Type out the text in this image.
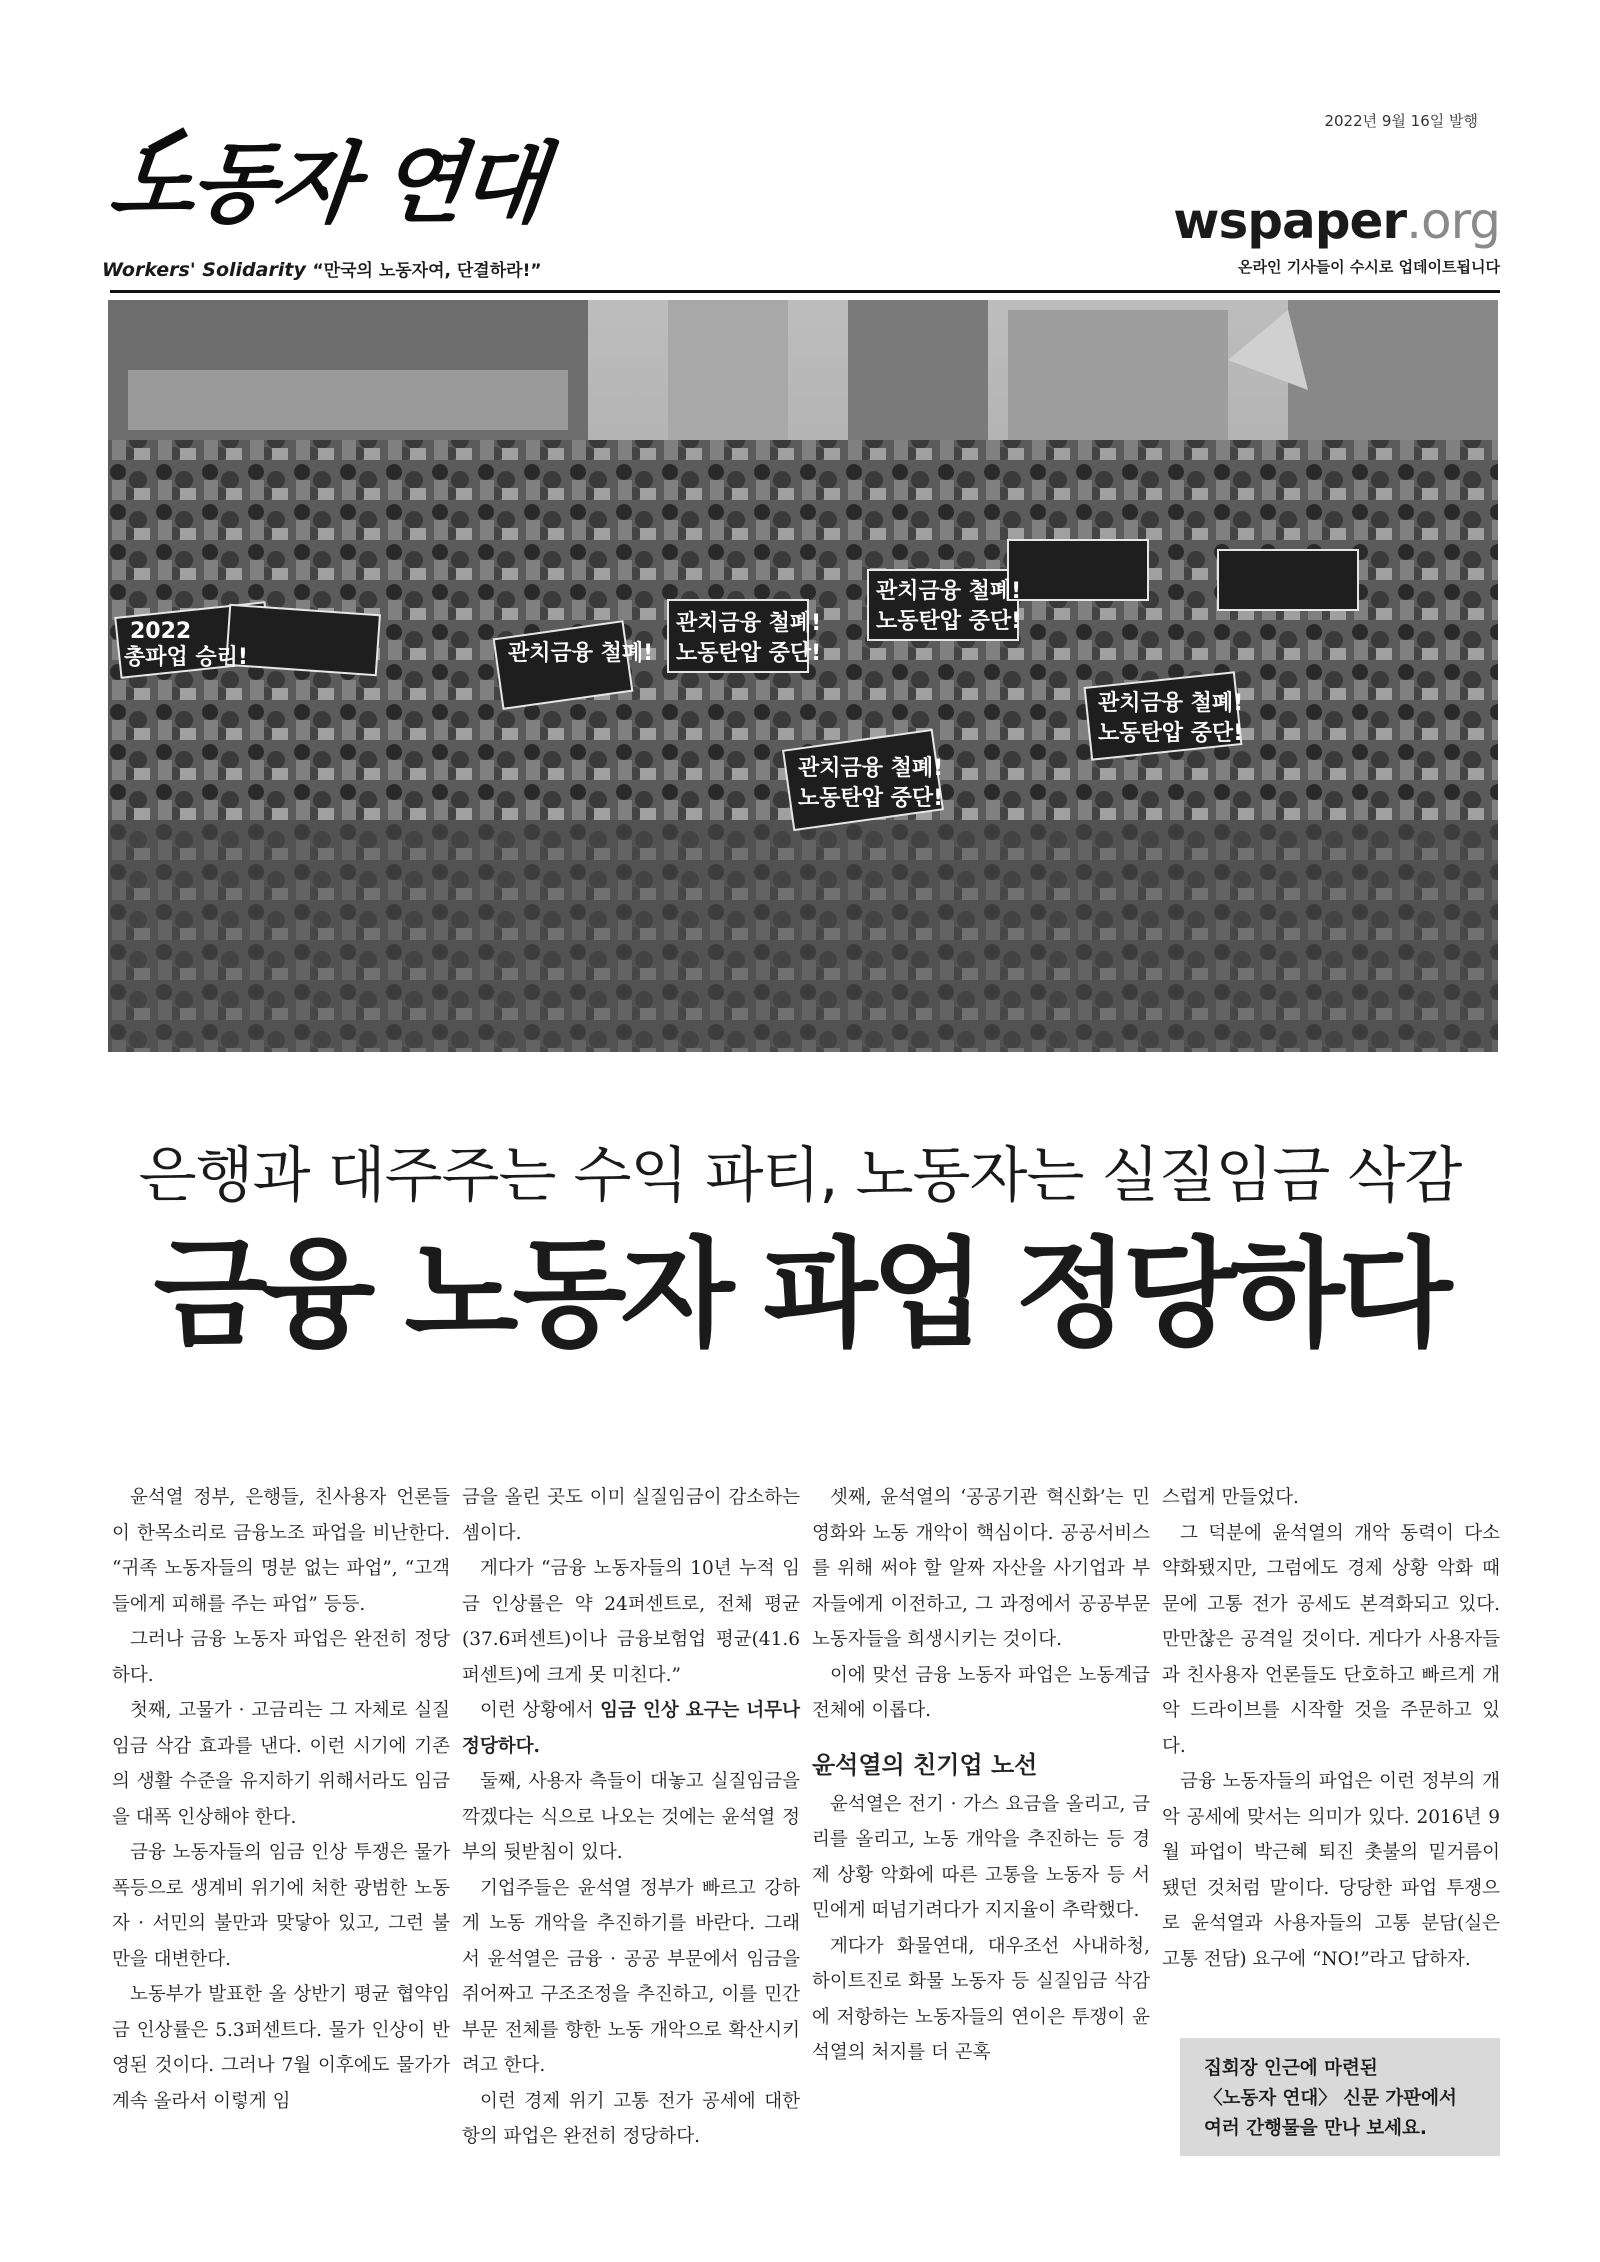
2022년 9월 16일 발행
노동자 연대
Workers' Solidarity “만국의 노동자여, 단결하라!”
wspaper.org
온라인 기사들이 수시로 업데이트됩니다
2022
총파업 승리!	관치금융 철폐!
관치금융 철폐!
노동탄압 중단!
관치금융 철폐!
노동탄압 중단!
관치금융 철폐!
노동탄압 중단!
관치금융 철폐!
노동탄압 중단!
은행과 대주주는 수익 파티, 노동자는 실질임금 삭감
금융 노동자 파업 정당하다

윤석열 정부, 은행들, 친사용자 언론들이 한목소리로 금융노조 파업을 비난한다. “귀족 노동자들의 명분 없는 파업”, “고객들에게 피해를 주는 파업” 등등.

그러나 금융 노동자 파업은 완전히 정당하다.

첫째, 고물가 · 고금리는 그 자체로 실질임금 삭감 효과를 낸다. 이런 시기에 기존의 생활 수준을 유지하기 위해서라도 임금을 대폭 인상해야 한다.

금융 노동자들의 임금 인상 투쟁은 물가 폭등으로 생계비 위기에 처한 광범한 노동자 · 서민의 불만과 맞닿아 있고, 그런 불만을 대변한다.

노동부가 발표한 올 상반기 평균 협약임금 인상률은 5.3퍼센트다. 물가 인상이 반영된 것이다. 그러나 7월 이후에도 물가가 계속 올라서 이렇게 임

금을 올린 곳도 이미 실질임금이 감소하는 셈이다.

게다가 “금융 노동자들의 10년 누적 임금 인상률은 약 24퍼센트로, 전체 평균(37.6퍼센트)이나 금융보험업 평균(41.6퍼센트)에 크게 못 미친다.”

이런 상황에서 임금 인상 요구는 너무나 정당하다.

둘째, 사용자 측들이 대놓고 실질임금을 깍겠다는 식으로 나오는 것에는 윤석열 정부의 뒷받침이 있다.

기업주들은 윤석열 정부가 빠르고 강하게 노동 개악을 추진하기를 바란다. 그래서 윤석열은 금융 · 공공 부문에서 임금을 쥐어짜고 구조조정을 추진하고, 이를 민간 부문 전체를 향한 노동 개악으로 확산시키려고 한다.

이런 경제 위기 고통 전가 공세에 대한 항의 파업은 완전히 정당하다.

셋째, 윤석열의 ‘공공기관 혁신화’는 민영화와 노동 개악이 핵심이다. 공공서비스를 위해 써야 할 알짜 자산을 사기업과 부자들에게 이전하고, 그 과정에서 공공부문 노동자들을 희생시키는 것이다.

이에 맞선 금융 노동자 파업은 노동계급 전체에 이롭다.

윤석열의 친기업 노선

윤석열은 전기 · 가스 요금을 올리고, 금리를 올리고, 노동 개악을 추진하는 등 경제 상황 악화에 따른 고통을 노동자 등 서민에게 떠넘기려다가 지지율이 추락했다.

게다가 화물연대, 대우조선 사내하청, 하이트진로 화물 노동자 등 실질임금 삭감에 저항하는 노동자들의 연이은 투쟁이 윤석열의 처지를 더 곤혹

스럽게 만들었다.

그 덕분에 윤석열의 개악 동력이 다소 약화됐지만, 그럼에도 경제 상황 악화 때문에 고통 전가 공세도 본격화되고 있다. 만만찮은 공격일 것이다. 게다가 사용자들과 친사용자 언론들도 단호하고 빠르게 개악 드라이브를 시작할 것을 주문하고 있다.

금융 노동자들의 파업은 이런 정부의 개악 공세에 맞서는 의미가 있다. 2016년 9월 파업이 박근혜 퇴진 촛불의 밑거름이 됐던 것처럼 말이다. 당당한 파업 투쟁으로 윤석열과 사용자들의 고통 분담(실은 고통 전담) 요구에 “NO!”라고 답하자.

집회장 인근에 마련된
〈노동자 연대〉 신문 가판에서
여러 간행물을 만나 보세요.
